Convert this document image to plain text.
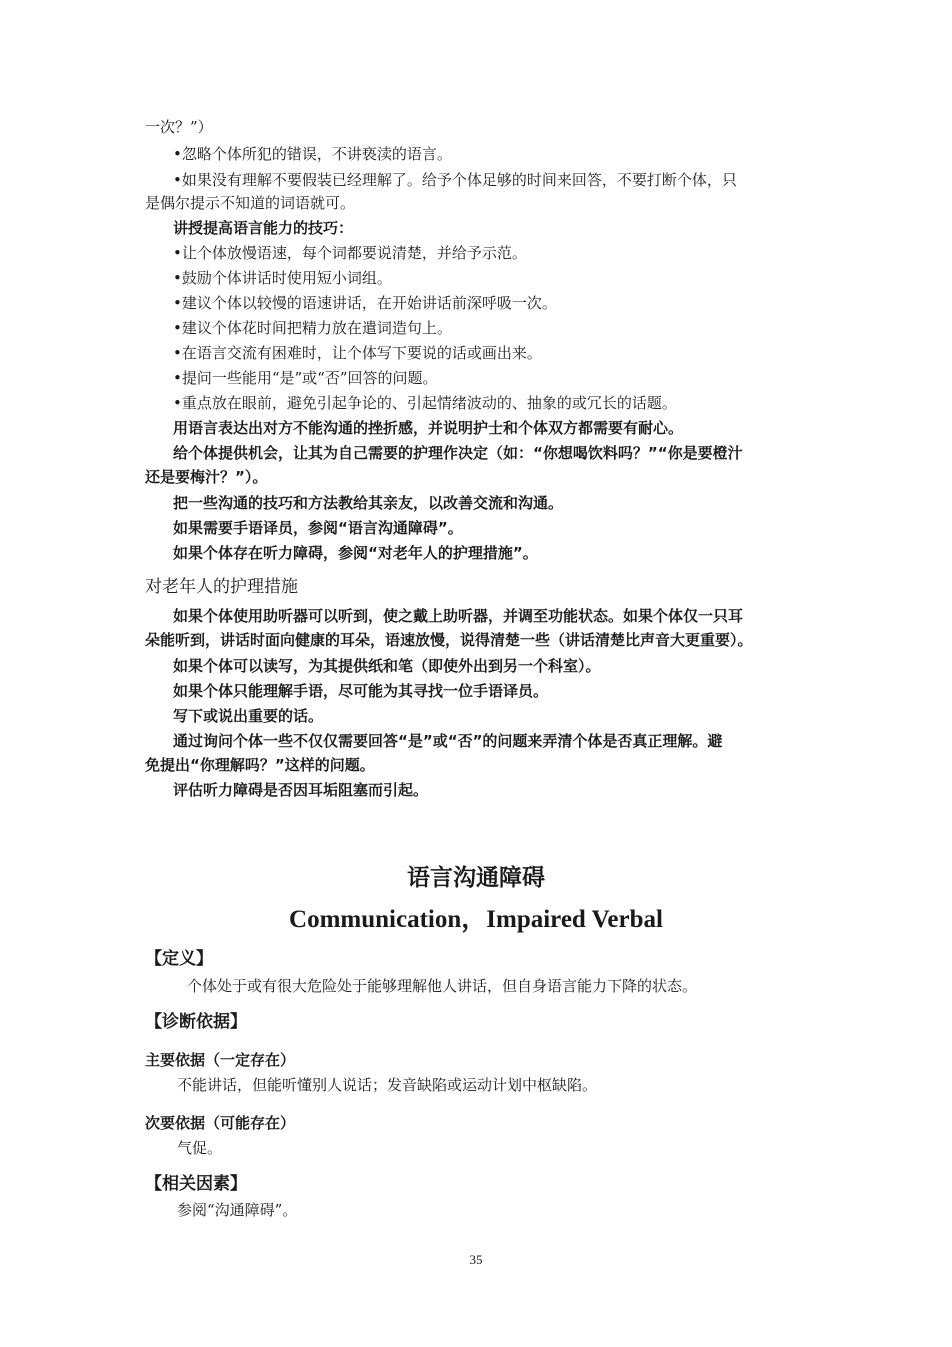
一次？”）
•忽略个体所犯的错误，不讲亵渎的语言。
•如果没有理解不要假装已经理解了。给予个体足够的时间来回答，不要打断个体，只
是偶尔提示不知道的词语就可。
讲授提高语言能力的技巧：
•让个体放慢语速，每个词都要说清楚，并给予示范。
•鼓励个体讲话时使用短小词组。
•建议个体以较慢的语速讲话，在开始讲话前深呼吸一次。
•建议个体花时间把精力放在遣词造句上。
•在语言交流有困难时，让个体写下要说的话或画出来。
•提问一些能用“是”或“否”回答的问题。
•重点放在眼前，避免引起争论的、引起情绪波动的、抽象的或冗长的话题。
用语言表达出对方不能沟通的挫折感，并说明护士和个体双方都需要有耐心。
给个体提供机会，让其为自己需要的护理作决定（如：“你想喝饮料吗？”“你是要橙汁
还是要梅汁？”）。
把一些沟通的技巧和方法教给其亲友，以改善交流和沟通。
如果需要手语译员，参阅“语言沟通障碍”。
如果个体存在听力障碍，参阅“对老年人的护理措施”。
对老年人的护理措施
如果个体使用助听器可以听到，使之戴上助听器，并调至功能状态。如果个体仅一只耳
朵能听到，讲话时面向健康的耳朵，语速放慢，说得清楚一些（讲话清楚比声音大更重要）。
如果个体可以读写，为其提供纸和笔（即使外出到另一个科室）。
如果个体只能理解手语，尽可能为其寻找一位手语译员。
写下或说出重要的话。
通过询问个体一些不仅仅需要回答“是”或“否”的问题来弄清个体是否真正理解。避
免提出“你理解吗？”这样的问题。
评估听力障碍是否因耳垢阻塞而引起。
语言沟通障碍
Communication，Impaired Verbal
【定义】
个体处于或有很大危险处于能够理解他人讲话，但自身语言能力下降的状态。
【诊断依据】
主要依据（一定存在）
不能讲话，但能听懂别人说话；发音缺陷或运动计划中枢缺陷。
次要依据（可能存在）
气促。
【相关因素】
参阅“沟通障碍”。
35
